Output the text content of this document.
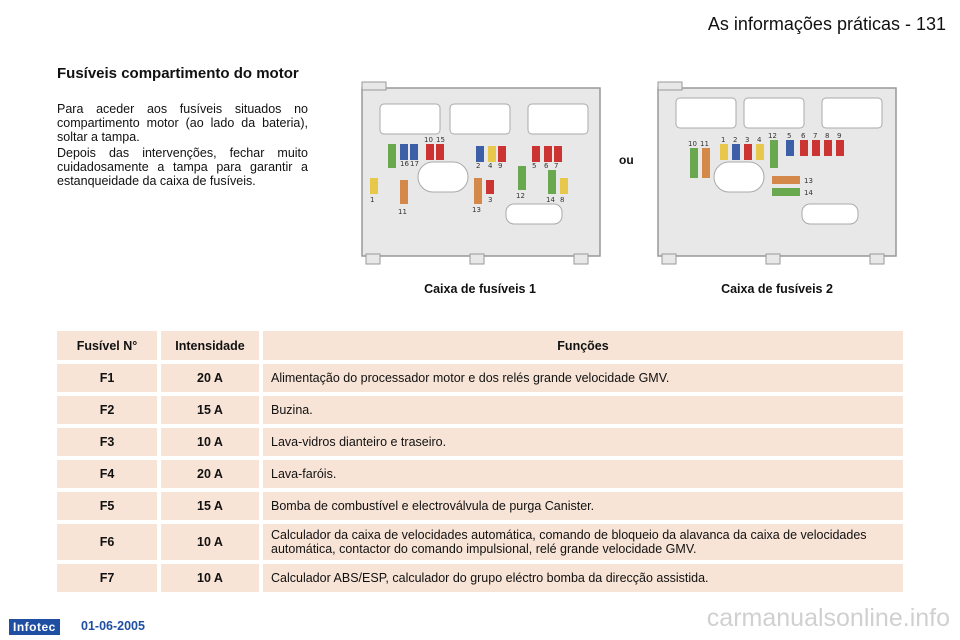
As informações práticas - 131
Fusíveis compartimento do motor
Para aceder aos fusíveis situados no compartimento motor (ao lado da bateria), soltar a tampa.
Depois das intervenções, fechar muito cuidadosamente a tampa para garantir a estanqueidade da caixa de fusíveis.
10 15
16 17	2 4 9	5 6 7
1
11	13
3	12	14 8
ou
10 11 1 2 3 4 12 5 6 7 8 9
13
14
Caixa de fusíveis 1	Caixa de fusíveis 2
Fusível N°	Intensidade	Funções
F1	20 A	Alimentação do processador motor e dos relés grande velocidade GMV.
F2	15 A	Buzina.
F3	10 A	Lava-vidros dianteiro e traseiro.
F4	20 A	Lava-faróis.
F5	15 A	Bomba de combustível e electroválvula de purga Canister.
F6	10 A	Calculador da caixa de velocidades automática, comando de bloqueio da alavanca da caixa de velocidades automática, contactor do comando impulsional, relé grande velocidade GMV.
F7	10 A	Calculador ABS/ESP, calculador do grupo eléctro bomba da direcção assistida.
Infotec	01-06-2005	carmanualsonline.info
